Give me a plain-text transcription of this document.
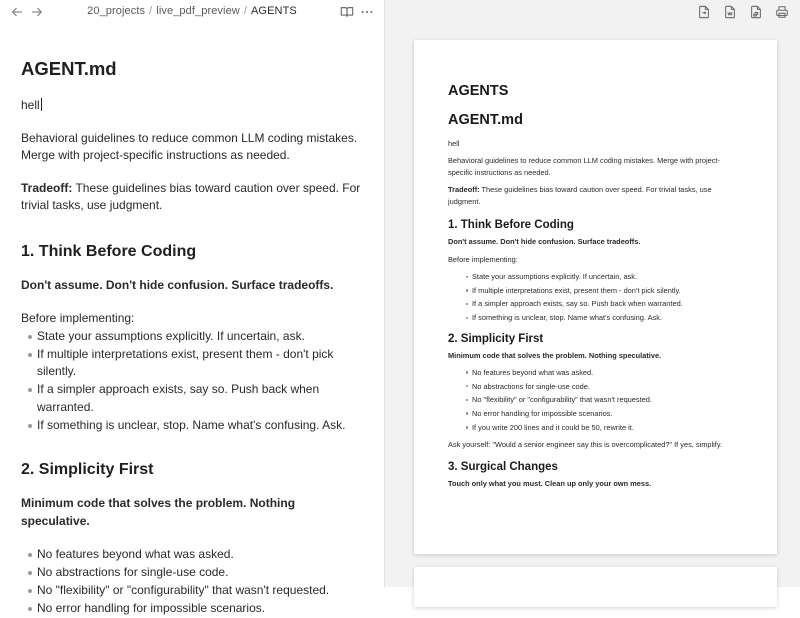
20_projects / live_pdf_preview / AGENTS
AGENT.md
hell
Behavioral guidelines to reduce common LLM coding mistakes. Merge with project-specific instructions as needed.
Tradeoff: These guidelines bias toward caution over speed. For trivial tasks, use judgment.
1. Think Before Coding
Don't assume. Don't hide confusion. Surface tradeoffs.
Before implementing:
State your assumptions explicitly. If uncertain, ask.
If multiple interpretations exist, present them - don't pick silently.
If a simpler approach exists, say so. Push back when warranted.
If something is unclear, stop. Name what's confusing. Ask.
2. Simplicity First
Minimum code that solves the problem. Nothing speculative.
No features beyond what was asked.
No abstractions for single-use code.
No "flexibility" or "configurability" that wasn't requested.
No error handling for impossible scenarios.
AGENTS
AGENT.md
hell
Behavioral guidelines to reduce common LLM coding mistakes. Merge with project-specific instructions as needed.
Tradeoff: These guidelines bias toward caution over speed. For trivial tasks, use judgment.
1. Think Before Coding
Don't assume. Don't hide confusion. Surface tradeoffs.
Before implementing:
State your assumptions explicitly. If uncertain, ask.
If multiple interpretations exist, present them - don't pick silently.
If a simpler approach exists, say so. Push back when warranted.
If something is unclear, stop. Name what's confusing. Ask.
2. Simplicity First
Minimum code that solves the problem. Nothing speculative.
No features beyond what was asked.
No abstractions for single-use code.
No "flexibility" or "configurability" that wasn't requested.
No error handling for impossible scenarios.
If you write 200 lines and it could be 50, rewrite it.
Ask yourself: "Would a senior engineer say this is overcomplicated?" If yes, simplify.
3. Surgical Changes
Touch only what you must. Clean up only your own mess.
